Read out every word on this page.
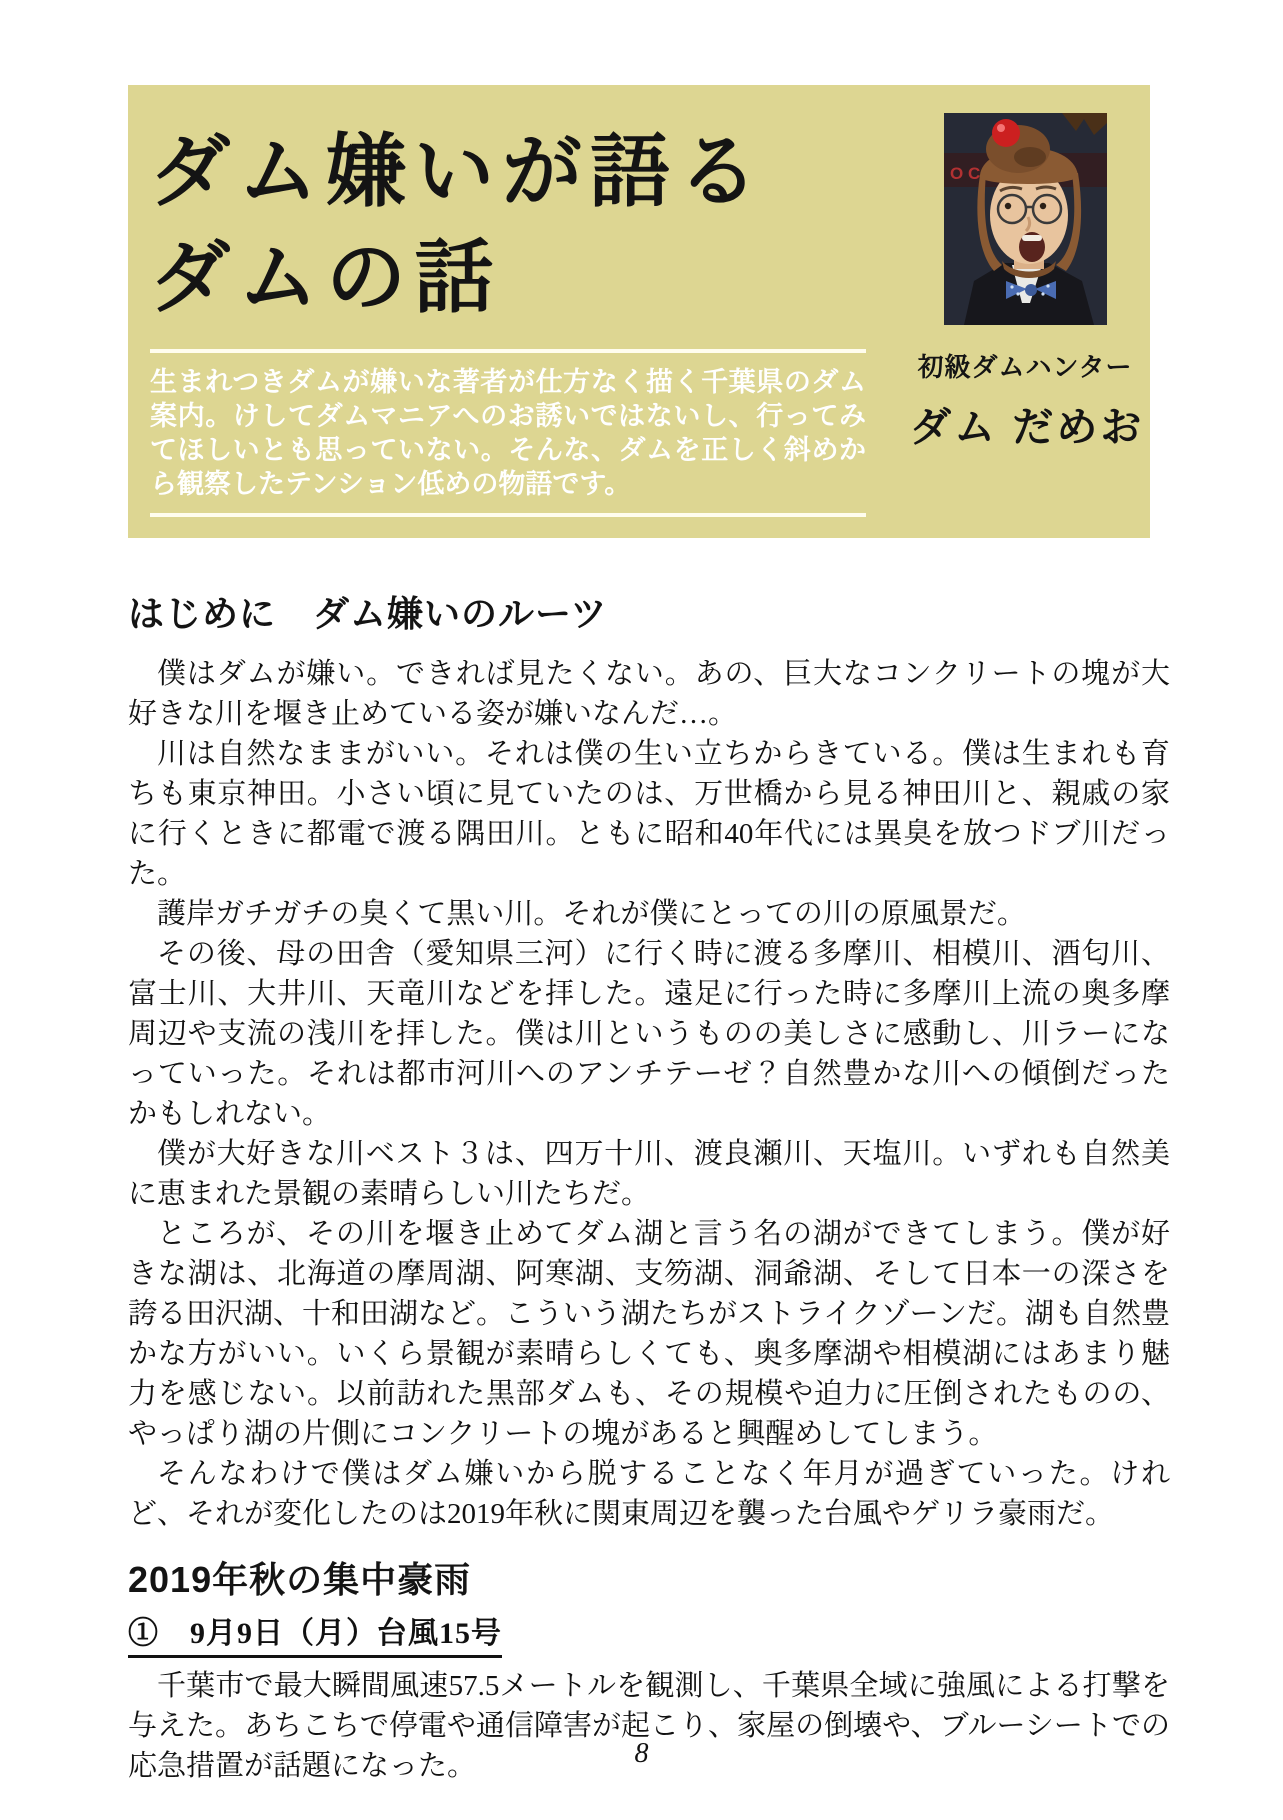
ダム嫌いが語る
ダムの話

生まれつきダムが嫌いな著者が仕方なく描く千葉県のダム案内。けしてダムマニアへのお誘いではないし、行ってみてほしいとも思っていない。そんな、ダムを正しく斜めから観察したテンション低めの物語です。

O C
初級ダムハンター
ダム だめお
はじめに　ダム嫌いのルーツ

僕はダムが嫌い。できれば見たくない。あの、巨大なコンクリートの塊が大好きな川を堰き止めている姿が嫌いなんだ…。

川は自然なままがいい。それは僕の生い立ちからきている。僕は生まれも育ちも東京神田。小さい頃に見ていたのは、万世橋から見る神田川と、親戚の家に行くときに都電で渡る隅田川。ともに昭和40年代には異臭を放つドブ川だった。

護岸ガチガチの臭くて黒い川。それが僕にとっての川の原風景だ。

その後、母の田舎（愛知県三河）に行く時に渡る多摩川、相模川、酒匂川、富士川、大井川、天竜川などを拝した。遠足に行った時に多摩川上流の奥多摩周辺や支流の浅川を拝した。僕は川というものの美しさに感動し、川ラーになっていった。それは都市河川へのアンチテーゼ？自然豊かな川への傾倒だったかもしれない。

僕が大好きな川ベスト３は、四万十川、渡良瀬川、天塩川。いずれも自然美に恵まれた景観の素晴らしい川たちだ。

ところが、その川を堰き止めてダム湖と言う名の湖ができてしまう。僕が好きな湖は、北海道の摩周湖、阿寒湖、支笏湖、洞爺湖、そして日本一の深さを誇る田沢湖、十和田湖など。こういう湖たちがストライクゾーンだ。湖も自然豊かな方がいい。いくら景観が素晴らしくても、奥多摩湖や相模湖にはあまり魅力を感じない。以前訪れた黒部ダムも、その規模や迫力に圧倒されたものの、やっぱり湖の片側にコンクリートの塊があると興醒めしてしまう。

そんなわけで僕はダム嫌いから脱することなく年月が過ぎていった。けれど、それが変化したのは2019年秋に関東周辺を襲った台風やゲリラ豪雨だ。

2019年秋の集中豪雨
①　9月9日（月）台風15号

千葉市で最大瞬間風速57.5メートルを観測し、千葉県全域に強風による打撃を与えた。あちこちで停電や通信障害が起こり、家屋の倒壊や、ブルーシートでの応急措置が話題になった。	8
